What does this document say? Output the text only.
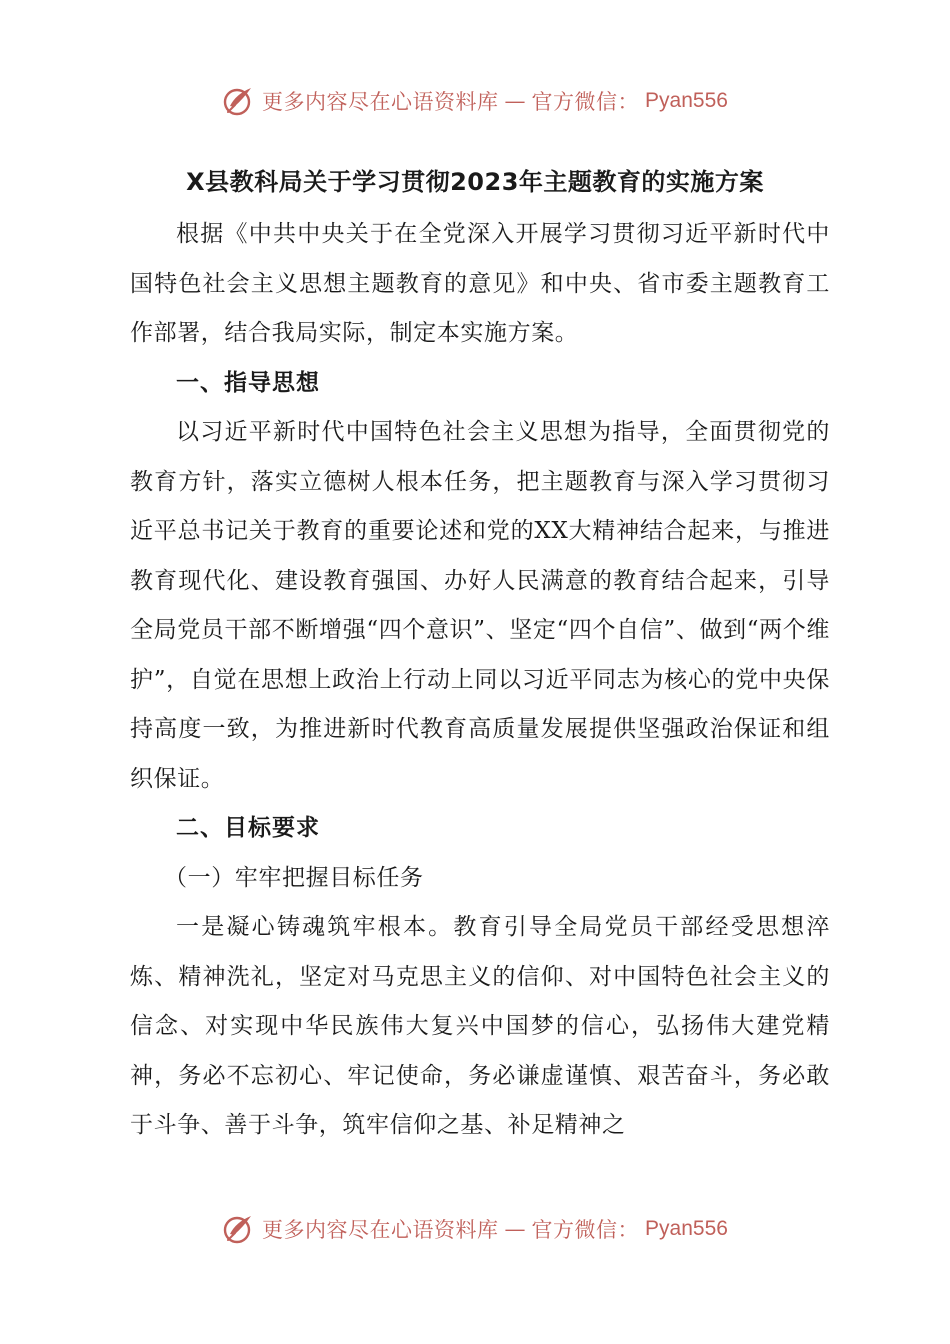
更多内容尽在心语资料库 — 官方微信： Pyan556
X县教科局关于学习贯彻2023年主题教育的实施方案

根据《中共中央关于在全党深入开展学习贯彻习近平新时代中国特色社会主义思想主题教育的意见》和中央、省市委主题教育工作部署，结合我局实际，制定本实施方案。

一、指导思想

以习近平新时代中国特色社会主义思想为指导，全面贯彻党的教育方针，落实立德树人根本任务，把主题教育与深入学习贯彻习近平总书记关于教育的重要论述和党的XX大精神结合起来，与推进教育现代化、建设教育强国、办好人民满意的教育结合起来，引导全局党员干部不断增强“四个意识”、坚定“四个自信”、做到“两个维护”，自觉在思想上政治上行动上同以习近平同志为核心的党中央保持高度一致，为推进新时代教育高质量发展提供坚强政治保证和组织保证。

二、目标要求

（一）牢牢把握目标任务

一是凝心铸魂筑牢根本。教育引导全局党员干部经受思想淬炼、精神洗礼，坚定对马克思主义的信仰、对中国特色社会主义的信念、对实现中华民族伟大复兴中国梦的信心，弘扬伟大建党精神，务必不忘初心、牢记使命，务必谦虚谨慎、艰苦奋斗，务必敢于斗争、善于斗争，筑牢信仰之基、补足精神之

更多内容尽在心语资料库 — 官方微信： Pyan556
